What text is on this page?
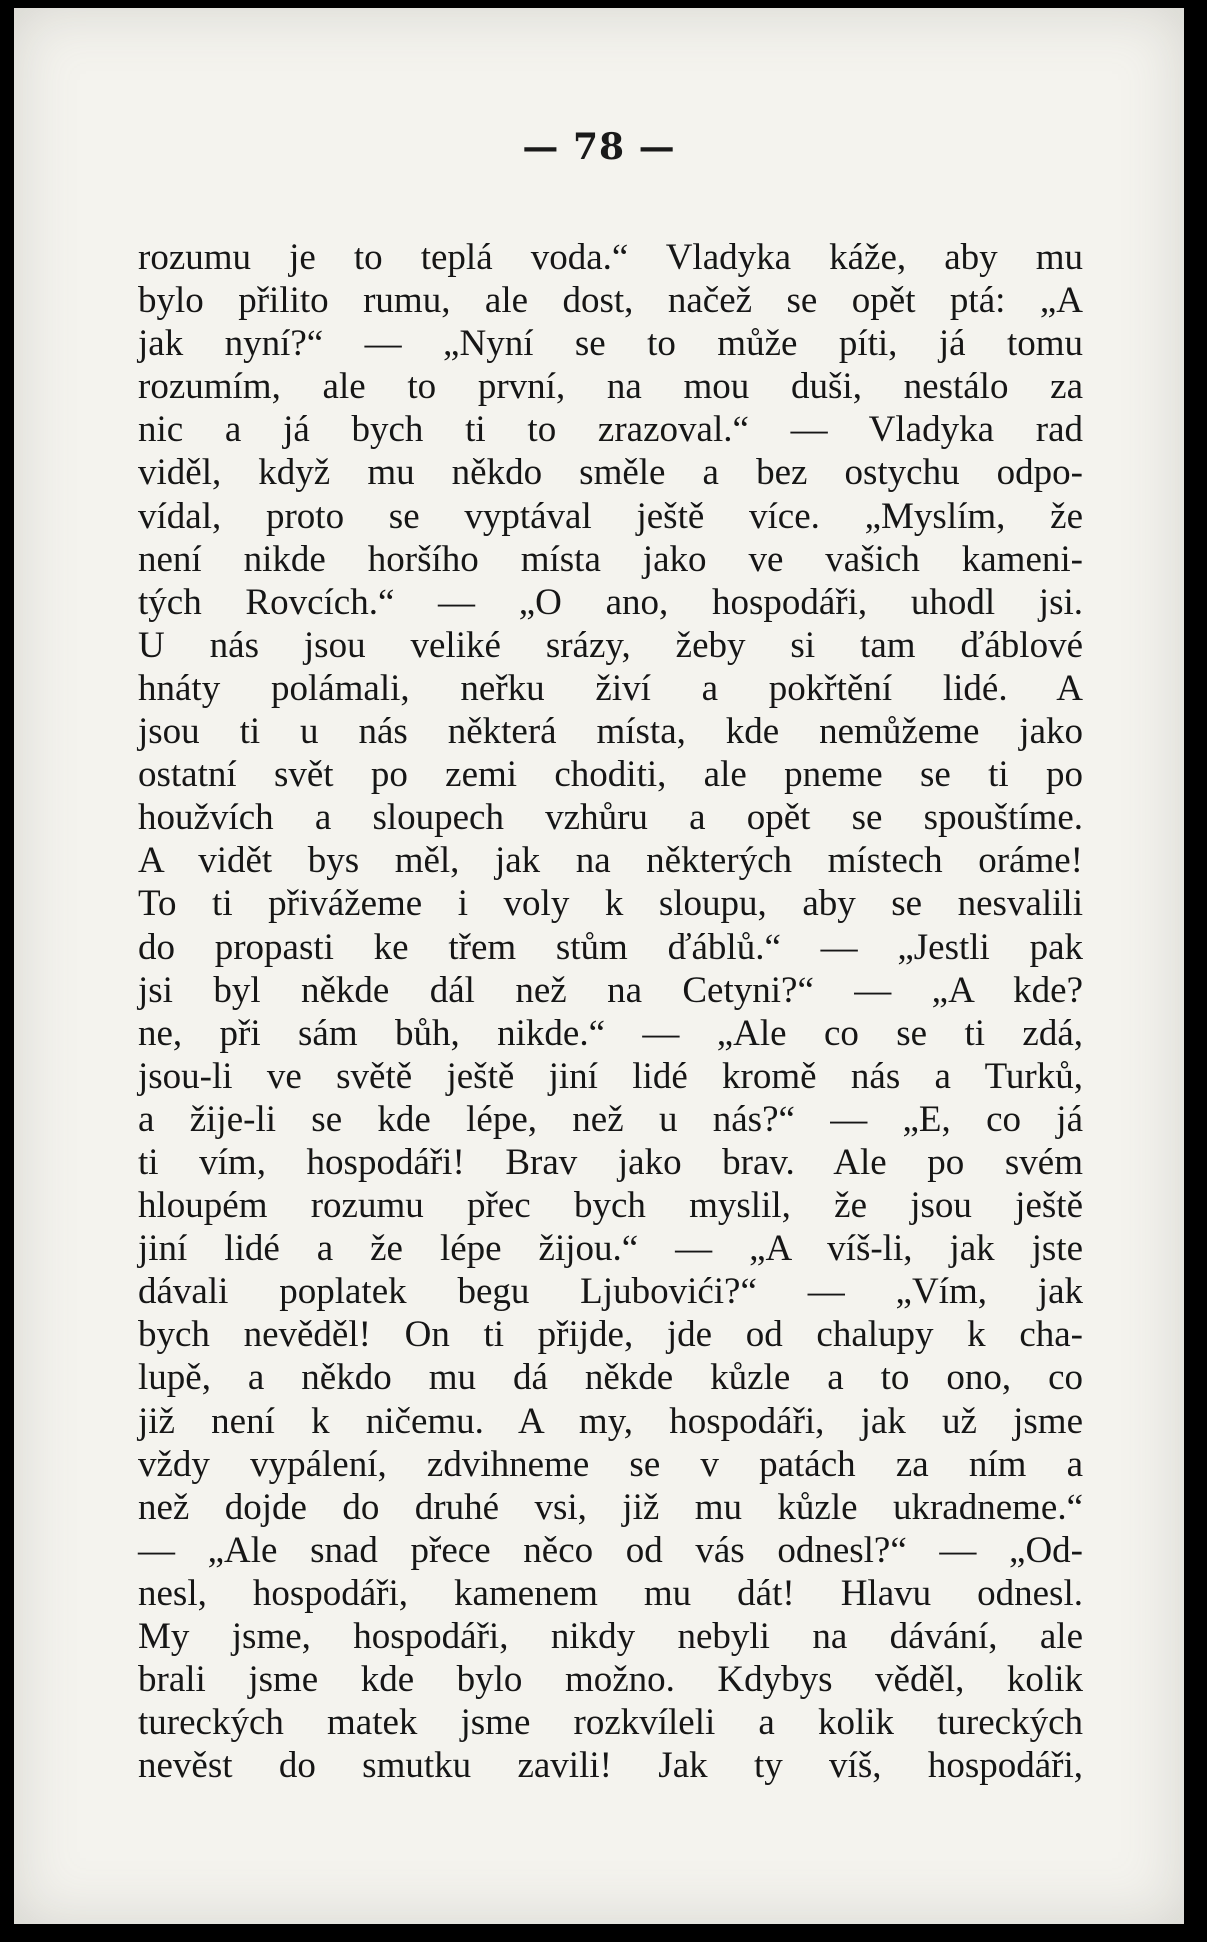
— 78 —
rozumu je to teplá voda.“ Vladyka káže, aby mu
bylo přilito rumu, ale dost, načež se opět ptá: „A
jak nyní?“ — „Nyní se to může píti, já tomu
rozumím, ale to první, na mou duši, nestálo za
nic a já bych ti to zrazoval.“ — Vladyka rad
viděl, když mu někdo směle a bez ostychu odpo-
vídal, proto se vyptával ještě více. „Myslím, že
není nikde horšího místa jako ve vašich kameni-
tých Rovcích.“ — „O ano, hospodáři, uhodl jsi.
U nás jsou veliké srázy, žeby si tam ďáblové
hnáty polámali, neřku živí a pokřtění lidé. A
jsou ti u nás některá místa, kde nemůžeme jako
ostatní svět po zemi choditi, ale pneme se ti po
houžvích a sloupech vzhůru a opět se spouštíme.
A vidět bys měl, jak na některých místech oráme!
To ti přivážeme i voly k sloupu, aby se nesvalili
do propasti ke třem stům ďáblů.“ — „Jestli pak
jsi byl někde dál než na Cetyni?“ — „A kde?
ne, při sám bůh, nikde.“ — „Ale co se ti zdá,
jsou-li ve světě ještě jiní lidé kromě nás a Turků,
a žije-li se kde lépe, než u nás?“ — „E, co já
ti vím, hospodáři! Brav jako brav. Ale po svém
hloupém rozumu přec bych myslil, že jsou ještě
jiní lidé a že lépe žijou.“ — „A víš-li, jak jste
dávali poplatek begu Ljubovići?“ — „Vím, jak
bych nevěděl! On ti přijde, jde od chalupy k cha-
lupě, a někdo mu dá někde kůzle a to ono, co
již není k ničemu. A my, hospodáři, jak už jsme
vždy vypálení, zdvihneme se v patách za ním a
než dojde do druhé vsi, již mu kůzle ukradneme.“
— „Ale snad přece něco od vás odnesl?“ — „Od-
nesl, hospodáři, kamenem mu dát! Hlavu odnesl.
My jsme, hospodáři, nikdy nebyli na dávání, ale
brali jsme kde bylo možno. Kdybys věděl, kolik
tureckých matek jsme rozkvíleli a kolik tureckých
nevěst do smutku zavili! Jak ty víš, hospodáři,
